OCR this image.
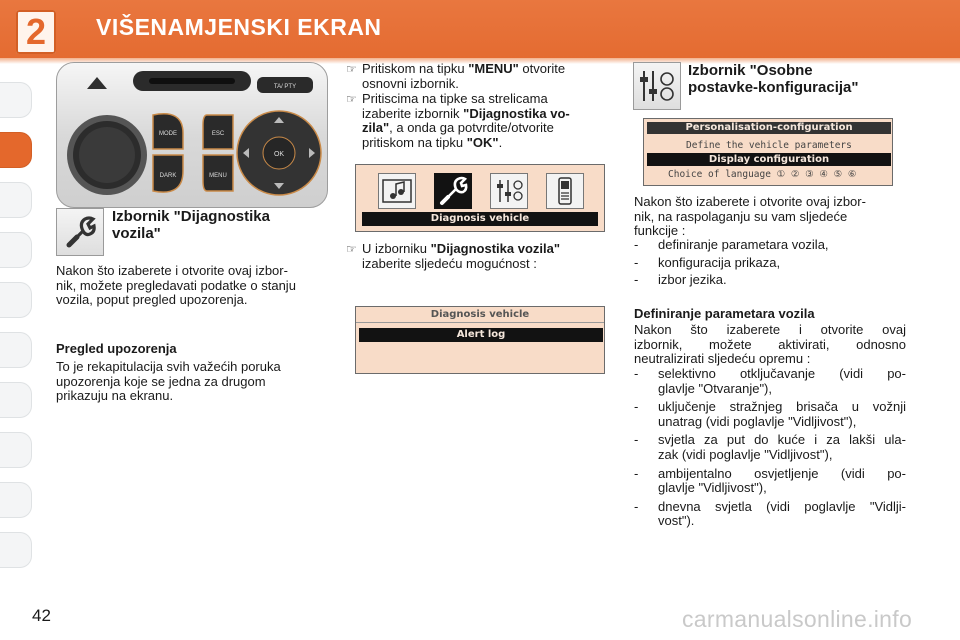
2	VIŠENAMJENSKI EKRAN
MODE
DARK
ESC
MENU
TA/ PTY
OK
Izbornik "Dijagnostika
vozila"
Nakon što izaberete i otvorite ovaj izbor-
nik, možete pregledavati podatke o stanju
vozila, poput pregled upozorenja.
Pregled upozorenja
To je rekapitulacija svih važećih poruka
upozorenja koje se jedna za drugom
prikazuju na ekranu.
☞ Pritiskom na tipku "MENU" otvorite
osnovni izbornik.
☞ Pritiscima na tipke sa strelicama
izaberite izbornik "Dijagnostika vo-
zila", a onda ga potvrdite/otvorite
pritiskom na tipku "OK".
Diagnosis vehicle
☞ U izborniku "Dijagnostika vozila"
izaberite sljedeću mogućnost :
Diagnosis vehicle
Alert log
Izbornik "Osobne
postavke-konfiguracija"
Personalisation-configuration
Define the vehicle parameters
Display configuration
Choice of language ① ② ③ ④ ⑤ ⑥
Nakon što izaberete i otvorite ovaj izbor-
nik, na raspolaganju su vam sljedeće
funkcije :
-	definiranje parametara vozila,
-	konfiguracija prikaza,
-	izbor jezika.
Definiranje parametara vozila
Nakon što izaberete i otvorite ovaj
izbornik, možete aktivirati, odnosno
neutralizirati sljedeću opremu :
-	selektivno otključavanje (vidi po-
glavlje "Otvaranje"),
-	uključenje stražnjeg brisača u vožnji
unatrag (vidi poglavlje "Vidljivost"),
-	svjetla za put do kuće i za lakši ula-
zak (vidi poglavlje "Vidljivost"),
-	ambijentalno osvjetljenje (vidi po-
glavlje "Vidljivost"),
-	dnevna svjetla (vidi poglavlje "Vidlji-
vost").
42	carmanualsonline.info
